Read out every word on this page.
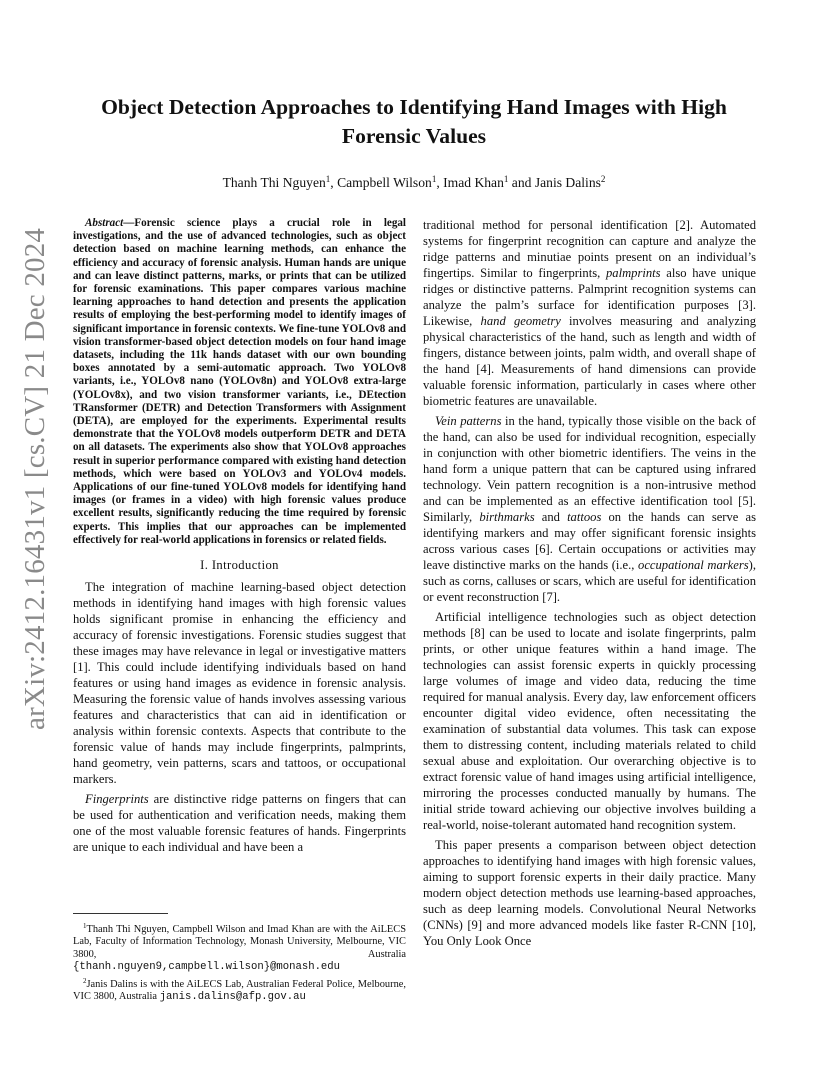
arXiv:2412.16431v1 [cs.CV] 21 Dec 2024
Object Detection Approaches to Identifying Hand Images with High Forensic Values
Thanh Thi Nguyen$^1$, Campbell Wilson$^1$, Imad Khan$^1$ and Janis Dalins$^2$

Abstract—Forensic science plays a crucial role in legal investigations, and the use of advanced technologies, such as object detection based on machine learning methods, can enhance the efficiency and accuracy of forensic analysis. Human hands are unique and can leave distinct patterns, marks, or prints that can be utilized for forensic examinations. This paper compares various machine learning approaches to hand detection and presents the application results of employing the best-performing model to identify images of significant importance in forensic contexts. We fine-tune YOLOv8 and vision transformer-based object detection models on four hand image datasets, including the 11k hands dataset with our own bounding boxes annotated by a semi-automatic approach. Two YOLOv8 variants, i.e., YOLOv8 nano (YOLOv8n) and YOLOv8 extra-large (YOLOv8x), and two vision transformer variants, i.e., DEtection TRansformer (DETR) and Detection Transformers with Assignment (DETA), are employed for the experiments. Experimental results demonstrate that the YOLOv8 models outperform DETR and DETA on all datasets. The experiments also show that YOLOv8 approaches result in superior performance compared with existing hand detection methods, which were based on YOLOv3 and YOLOv4 models. Applications of our fine-tuned YOLOv8 models for identifying hand images (or frames in a video) with high forensic values produce excellent results, significantly reducing the time required by forensic experts. This implies that our approaches can be implemented effectively for real-world applications in forensics or related fields.

I. Introduction

The integration of machine learning-based object detection methods in identifying hand images with high forensic values holds significant promise in enhancing the efficiency and accuracy of forensic investigations. Forensic studies suggest that these images may have relevance in legal or investigative matters [1]. This could include identifying individuals based on hand features or using hand images as evidence in forensic analysis. Measuring the forensic value of hands involves assessing various features and characteristics that can aid in identification or analysis within forensic contexts. Aspects that contribute to the forensic value of hands may include fingerprints, palmprints, hand geometry, vein patterns, scars and tattoos, or occupational markers.

Fingerprints are distinctive ridge patterns on fingers that can be used for authentication and verification needs, making them one of the most valuable forensic features of hands. Fingerprints are unique to each individual and have been a

$^1$Thanh Thi Nguyen, Campbell Wilson and Imad Khan are with the AiLECS Lab, Faculty of Information Technology, Monash University, Melbourne, VIC 3800, Australia {thanh.nguyen9,campbell.wilson}@monash.edu

$^2$Janis Dalins is with the AiLECS Lab, Australian Federal Police, Melbourne, VIC 3800, Australia janis.dalins@afp.gov.au

traditional method for personal identification [2]. Automated systems for fingerprint recognition can capture and analyze the ridge patterns and minutiae points present on an individual’s fingertips. Similar to fingerprints, palmprints also have unique ridges or distinctive patterns. Palmprint recognition systems can analyze the palm’s surface for identification purposes [3]. Likewise, hand geometry involves measuring and analyzing physical characteristics of the hand, such as length and width of fingers, distance between joints, palm width, and overall shape of the hand [4]. Measurements of hand dimensions can provide valuable forensic information, particularly in cases where other biometric features are unavailable.

Vein patterns in the hand, typically those visible on the back of the hand, can also be used for individual recognition, especially in conjunction with other biometric identifiers. The veins in the hand form a unique pattern that can be captured using infrared technology. Vein pattern recognition is a non-intrusive method and can be implemented as an effective identification tool [5]. Similarly, birthmarks and tattoos on the hands can serve as identifying markers and may offer significant forensic insights across various cases [6]. Certain occupations or activities may leave distinctive marks on the hands (i.e., occupational markers), such as corns, calluses or scars, which are useful for identification or event reconstruction [7].

Artificial intelligence technologies such as object detection methods [8] can be used to locate and isolate fingerprints, palm prints, or other unique features within a hand image. The technologies can assist forensic experts in quickly processing large volumes of image and video data, reducing the time required for manual analysis. Every day, law enforcement officers encounter digital video evidence, often necessitating the examination of substantial data volumes. This task can expose them to distressing content, including materials related to child sexual abuse and exploitation. Our overarching objective is to extract forensic value of hand images using artificial intelligence, mirroring the processes conducted manually by humans. The initial stride toward achieving our objective involves building a real-world, noise-tolerant automated hand recognition system.

This paper presents a comparison between object detection approaches to identifying hand images with high forensic values, aiming to support forensic experts in their daily practice. Many modern object detection methods use learning-based approaches, such as deep learning models. Convolutional Neural Networks (CNNs) [9] and more advanced models like faster R-CNN [10], You Only Look Once
